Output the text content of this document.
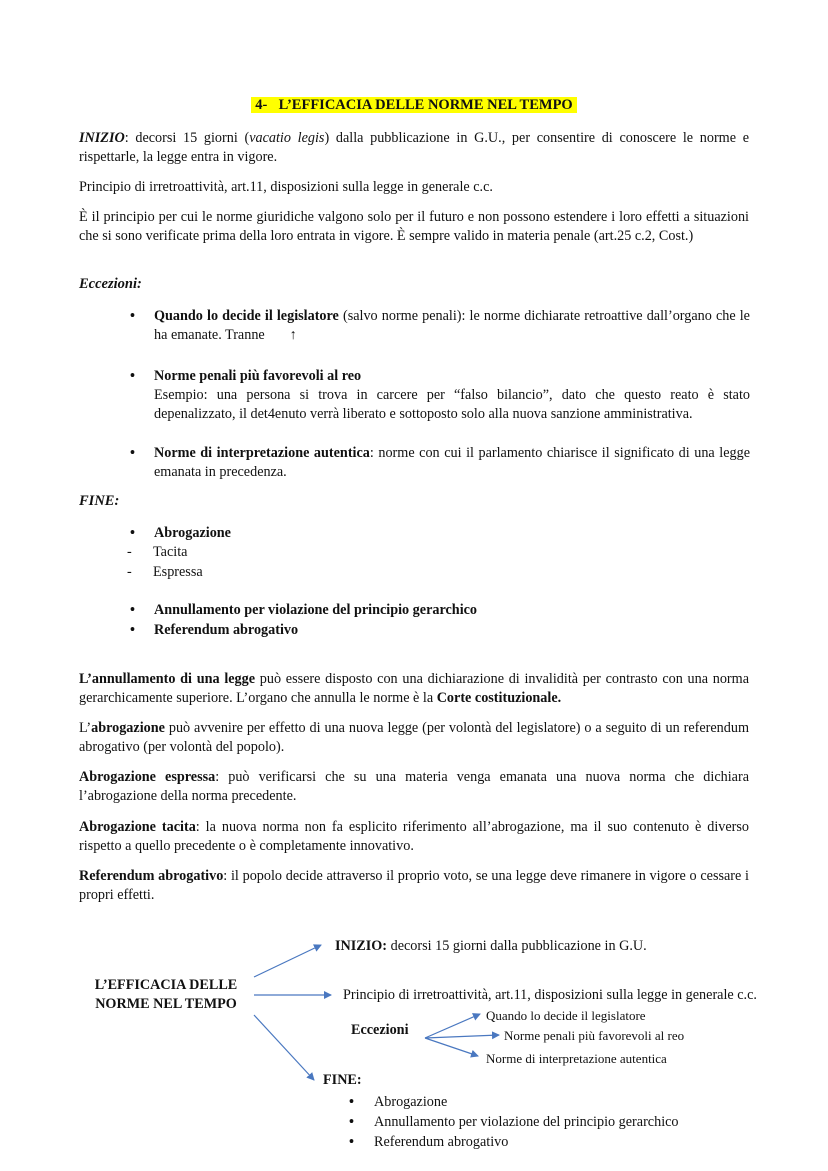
4- L’EFFICACIA DELLE NORME NEL TEMPO
INIZIO: decorsi 15 giorni (vacatio legis) dalla pubblicazione in G.U., per consentire di conoscere le norme e rispettarle, la legge entra in vigore.
Principio di irretroattività, art.11, disposizioni sulla legge in generale c.c.
È il principio per cui le norme giuridiche valgono solo per il futuro e non possono estendere i loro effetti a situazioni che si sono verificate prima della loro entrata in vigore. È sempre valido in materia penale (art.25 c.2, Cost.)
Eccezioni:
• Quando lo decide il legislatore (salvo norme penali): le norme dichiarate retroattive dall’organo che le ha emanate. Tranne ↑
• Norme penali più favorevoli al reo
Esempio: una persona si trova in carcere per “falso bilancio”, dato che questo reato è stato depenalizzato, il det4enuto verrà liberato e sottoposto solo alla nuova sanzione amministrativa.
• Norme di interpretazione autentica: norme con cui il parlamento chiarisce il significato di una legge emanata in precedenza.
FINE:
• Abrogazione
- Tacita
- Espressa
• Annullamento per violazione del principio gerarchico
• Referendum abrogativo
L’annullamento di una legge può essere disposto con una dichiarazione di invalidità per contrasto con una norma gerarchicamente superiore. L’organo che annulla le norme è la Corte costituzionale.
L’abrogazione può avvenire per effetto di una nuova legge (per volontà del legislatore) o a seguito di un referendum abrogativo (per volontà del popolo).
Abrogazione espressa: può verificarsi che su una materia venga emanata una nuova norma che dichiara l’abrogazione della norma precedente.
Abrogazione tacita: la nuova norma non fa esplicito riferimento all’abrogazione, ma il suo contenuto è diverso rispetto a quello precedente o è completamente innovativo.
Referendum abrogativo: il popolo decide attraverso il proprio voto, se una legge deve rimanere in vigore o cessare i propri effetti.
L’EFFICACIA DELLE
NORME NEL TEMPO
INIZIO: decorsi 15 giorni dalla pubblicazione in G.U.
Principio di irretroattività, art.11, disposizioni sulla legge in generale c.c.
Eccezioni
Quando lo decide il legislatore
Norme penali più favorevoli al reo
Norme di interpretazione autentica
FINE:
• Abrogazione
• Annullamento per violazione del principio gerarchico
• Referendum abrogativo
